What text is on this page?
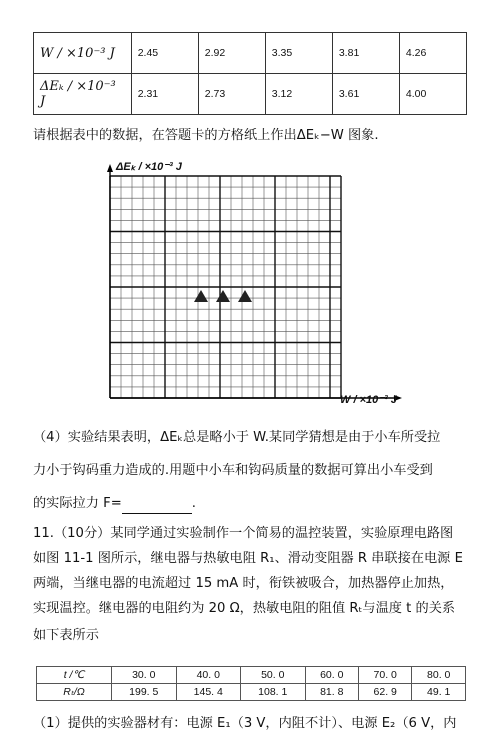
W / ×10⁻³ J	2.45	2.92	3.35	3.81	4.26
ΔEₖ / ×10⁻³ J	2.31	2.73	3.12	3.61	4.00
请根据表中的数据，在答题卡的方格纸上作出ΔEₖ−W 图象.
ΔEₖ / ×10⁻³ J
W / ×10⁻³ J
（4）实验结果表明，ΔEₖ总是略小于 W.某同学猜想是由于小车所受拉
力小于钩码重力造成的.用题中小车和钩码质量的数据可算出小车受到
的实际拉力 F=	.
11.（10分）某同学通过实验制作一个简易的温控装置，实验原理电路图
如图 11-1 图所示，继电器与热敏电阻 R₁、滑动变阻器 R 串联接在电源 E
两端，当继电器的电流超过 15 mA 时，衔铁被吸合，加热器停止加热，
实现温控。继电器的电阻约为 20 Ω，热敏电阻的阻值 Rₜ与温度 t 的关系
如下表所示
t /℃	30. 0	40. 0	50. 0	60. 0	70. 0	80. 0
Rₜ/Ω	199. 5	145. 4	108. 1	81. 8	62. 9	49. 1
（1）提供的实验器材有：电源 E₁（3 V，内阻不计）、电源 E₂（6 V，内
